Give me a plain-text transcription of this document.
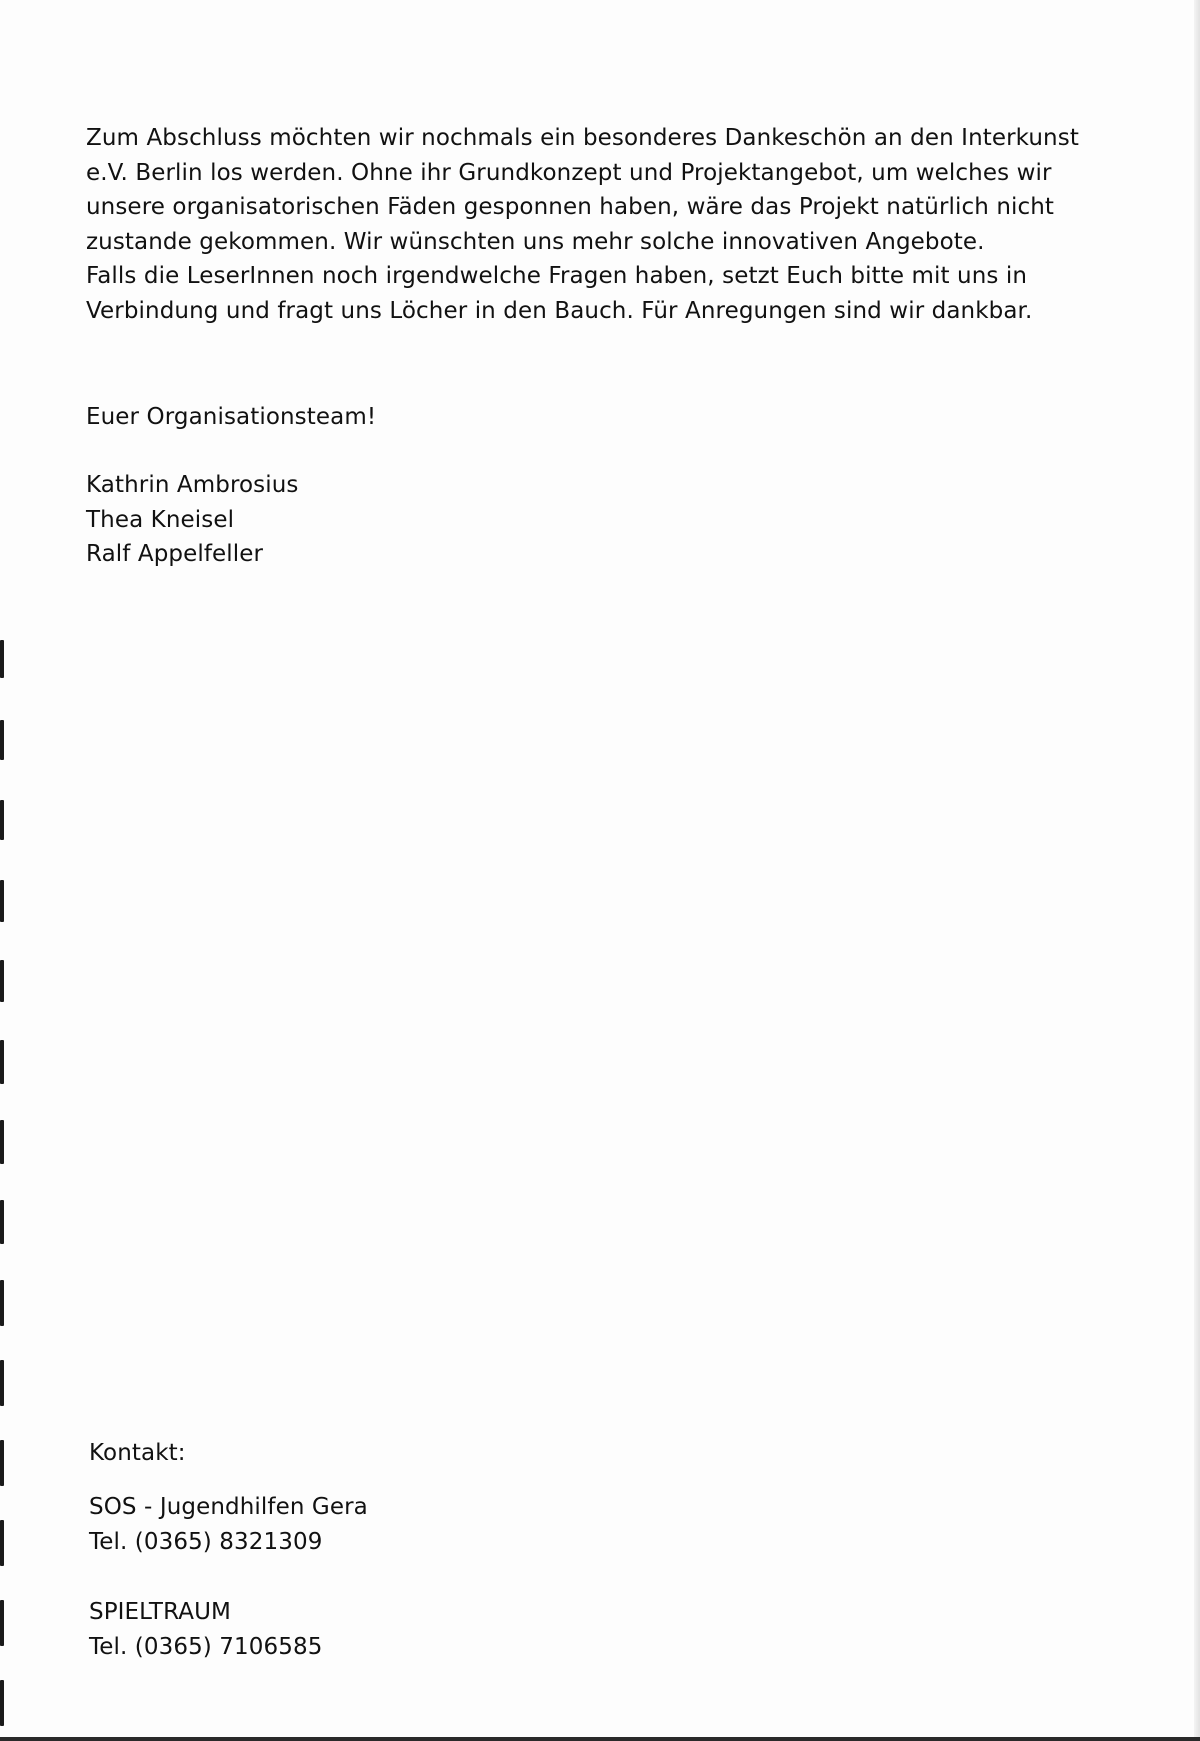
Zum Abschluss möchten wir nochmals ein besonderes Dankeschön an den Interkunst
e.V. Berlin los werden. Ohne ihr Grundkonzept und Projektangebot, um welches wir
unsere organisatorischen Fäden gesponnen haben, wäre das Projekt natürlich nicht
zustande gekommen. Wir wünschten uns mehr solche innovativen Angebote.
Falls die LeserInnen noch irgendwelche Fragen haben, setzt Euch bitte mit uns in
Verbindung und fragt uns Löcher in den Bauch. Für Anregungen sind wir dankbar.
Euer Organisationsteam!
Kathrin Ambrosius
Thea Kneisel
Ralf Appelfeller
Kontakt:
SOS - Jugendhilfen Gera
Tel. (0365) 8321309
SPIELTRAUM
Tel. (0365) 7106585
